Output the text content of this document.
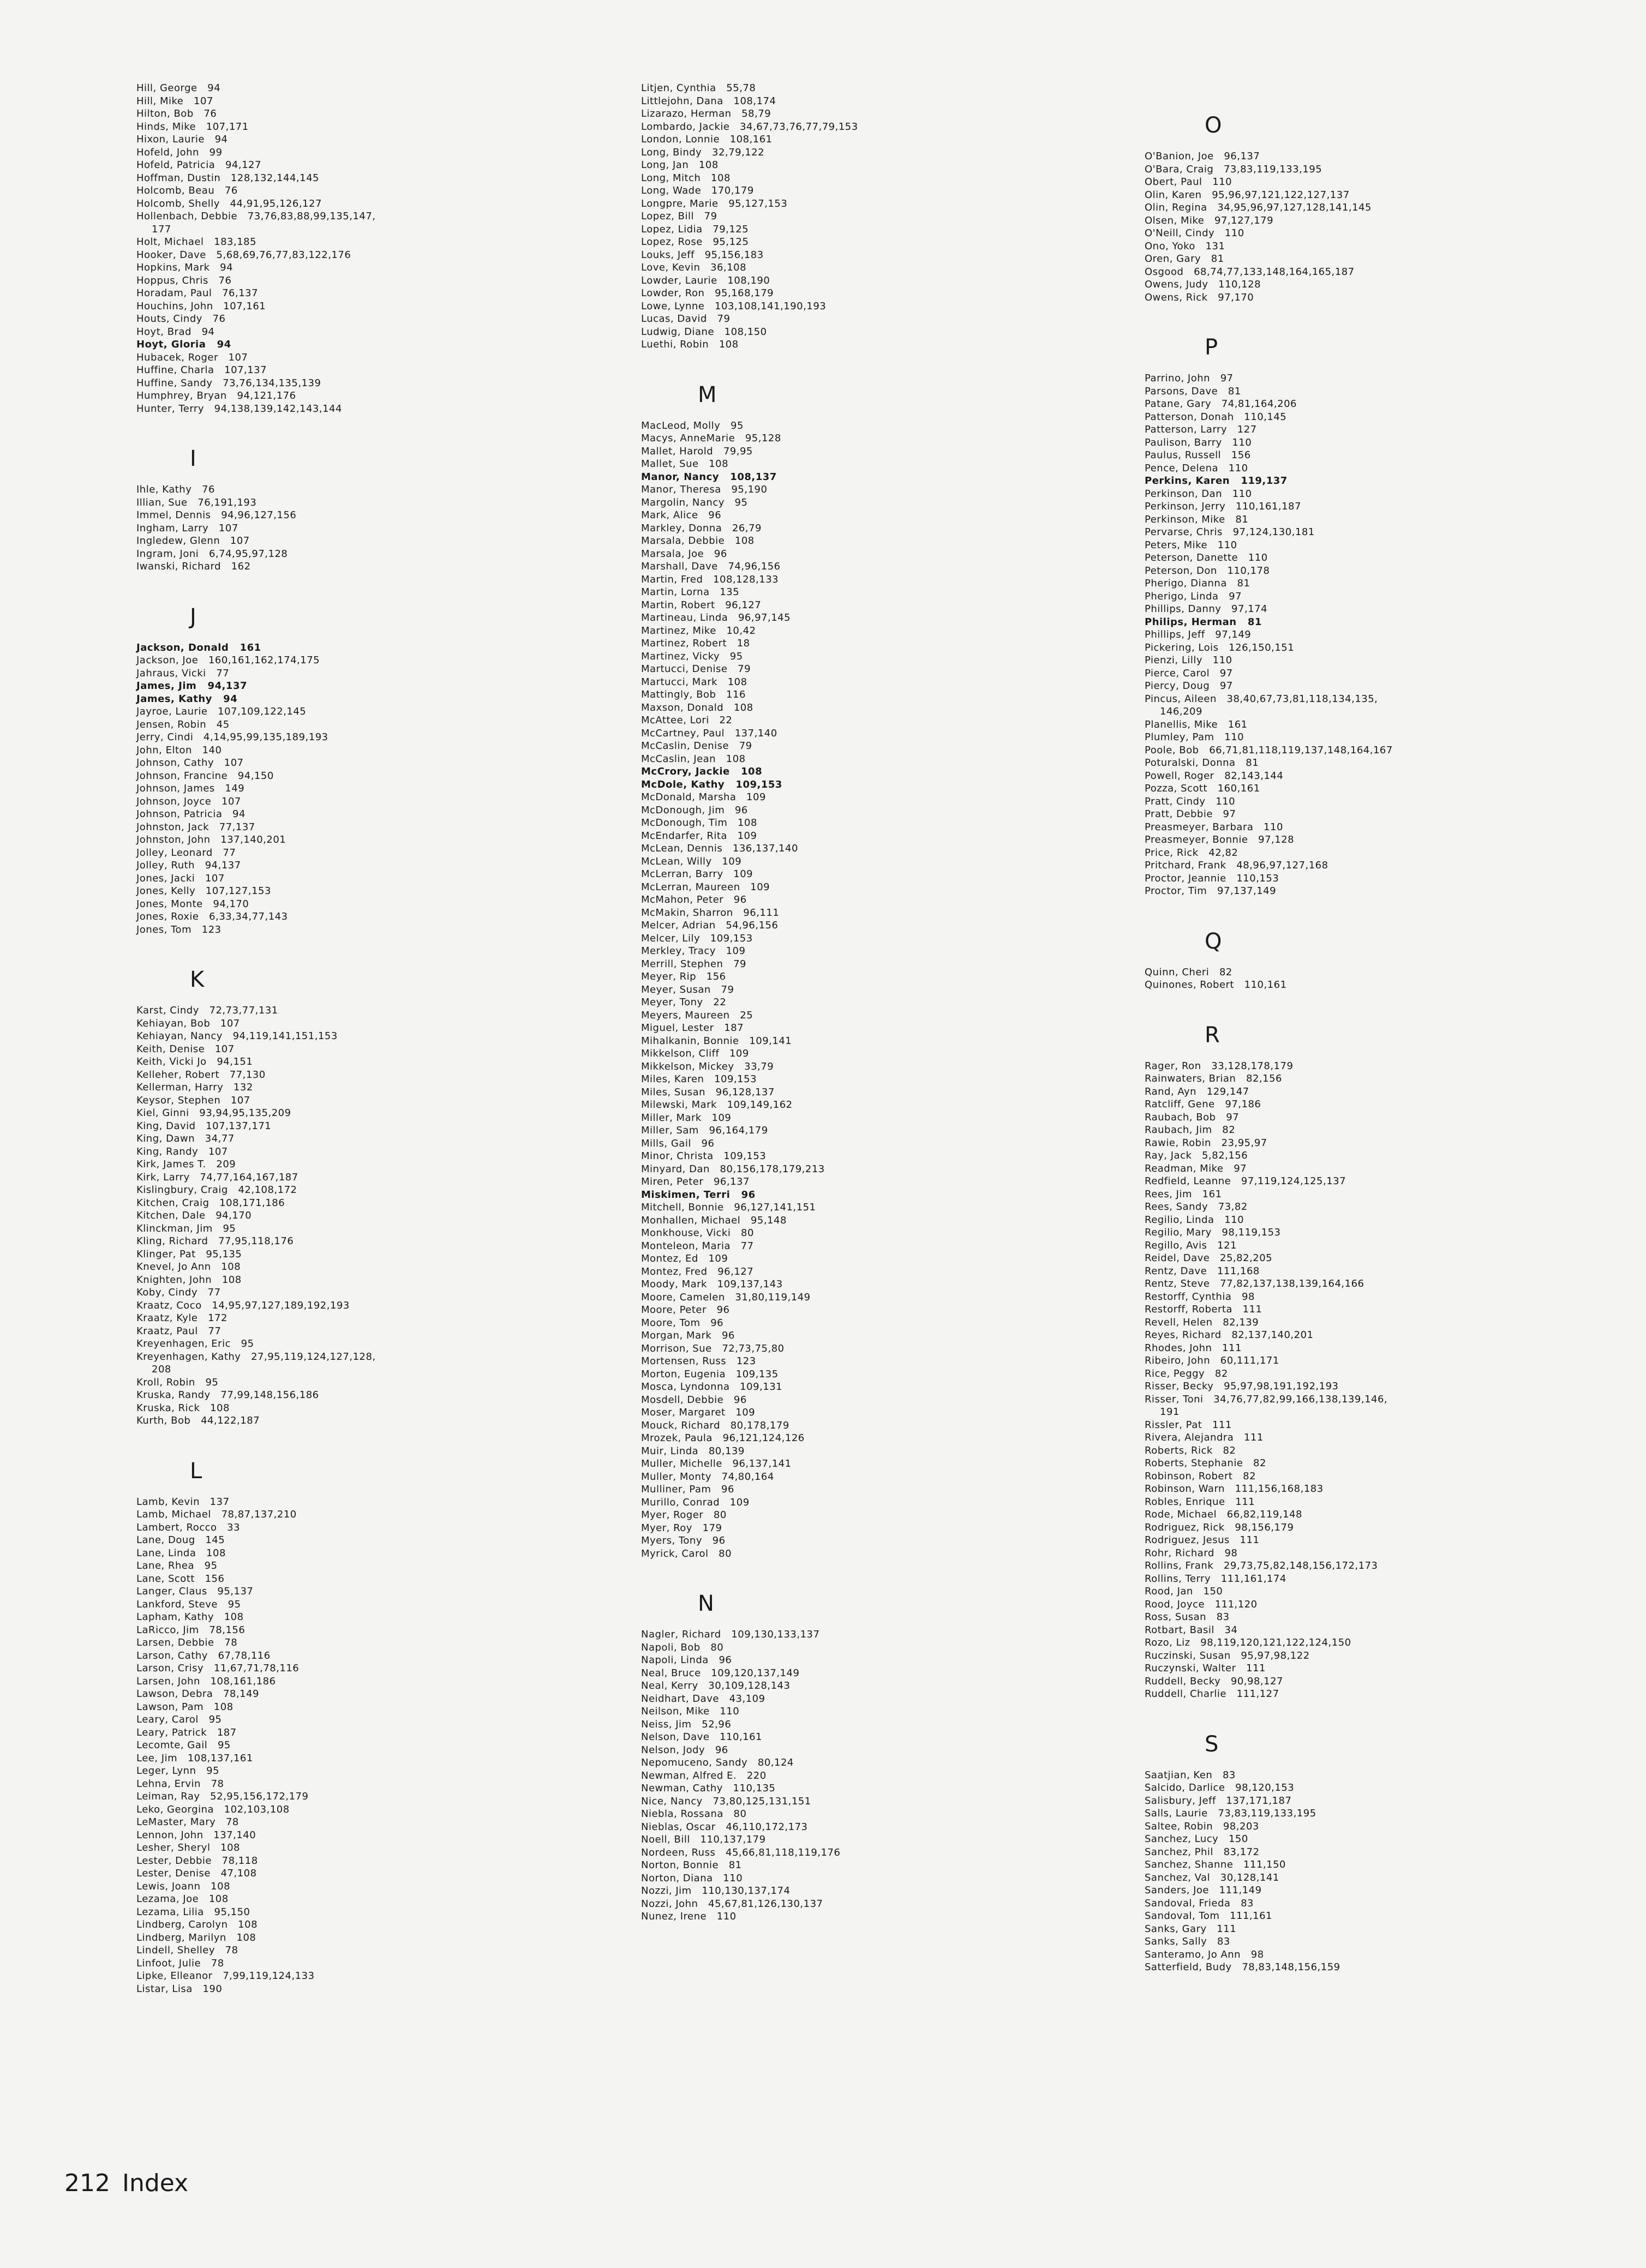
Hill, George   94
Hill, Mike   107
Hilton, Bob   76
Hinds, Mike   107,171
Hixon, Laurie   94
Hofeld, John   99
Hofeld, Patricia   94,127
Hoffman, Dustin   128,132,144,145
Holcomb, Beau   76
Holcomb, Shelly   44,91,95,126,127
Hollenbach, Debbie   73,76,83,88,99,135,147,
177
Holt, Michael   183,185
Hooker, Dave   5,68,69,76,77,83,122,176
Hopkins, Mark   94
Hoppus, Chris   76
Horadam, Paul   76,137
Houchins, John   107,161
Houts, Cindy   76
Hoyt, Brad   94
Hoyt, Gloria   94
Hubacek, Roger   107
Huffine, Charla   107,137
Huffine, Sandy   73,76,134,135,139
Humphrey, Bryan   94,121,176
Hunter, Terry   94,138,139,142,143,144
I
Ihle, Kathy   76
Illian, Sue   76,191,193
Immel, Dennis   94,96,127,156
Ingham, Larry   107
Ingledew, Glenn   107
Ingram, Joni   6,74,95,97,128
Iwanski, Richard   162
J
Jackson, Donald   161
Jackson, Joe   160,161,162,174,175
Jahraus, Vicki   77
James, Jim   94,137
James, Kathy   94
Jayroe, Laurie   107,109,122,145
Jensen, Robin   45
Jerry, Cindi   4,14,95,99,135,189,193
John, Elton   140
Johnson, Cathy   107
Johnson, Francine   94,150
Johnson, James   149
Johnson, Joyce   107
Johnson, Patricia   94
Johnston, Jack   77,137
Johnston, John   137,140,201
Jolley, Leonard   77
Jolley, Ruth   94,137
Jones, Jacki   107
Jones, Kelly   107,127,153
Jones, Monte   94,170
Jones, Roxie   6,33,34,77,143
Jones, Tom   123
K
Karst, Cindy   72,73,77,131
Kehiayan, Bob   107
Kehiayan, Nancy   94,119,141,151,153
Keith, Denise   107
Keith, Vicki Jo   94,151
Kelleher, Robert   77,130
Kellerman, Harry   132
Keysor, Stephen   107
Kiel, Ginni   93,94,95,135,209
King, David   107,137,171
King, Dawn   34,77
King, Randy   107
Kirk, James T.   209
Kirk, Larry   74,77,164,167,187
Kislingbury, Craig   42,108,172
Kitchen, Craig   108,171,186
Kitchen, Dale   94,170
Klinckman, Jim   95
Kling, Richard   77,95,118,176
Klinger, Pat   95,135
Knevel, Jo Ann   108
Knighten, John   108
Koby, Cindy   77
Kraatz, Coco   14,95,97,127,189,192,193
Kraatz, Kyle   172
Kraatz, Paul   77
Kreyenhagen, Eric   95
Kreyenhagen, Kathy   27,95,119,124,127,128,
208
Kroll, Robin   95
Kruska, Randy   77,99,148,156,186
Kruska, Rick   108
Kurth, Bob   44,122,187
L
Lamb, Kevin   137
Lamb, Michael   78,87,137,210
Lambert, Rocco   33
Lane, Doug   145
Lane, Linda   108
Lane, Rhea   95
Lane, Scott   156
Langer, Claus   95,137
Lankford, Steve   95
Lapham, Kathy   108
LaRicco, Jim   78,156
Larsen, Debbie   78
Larson, Cathy   67,78,116
Larson, Crisy   11,67,71,78,116
Larsen, John   108,161,186
Lawson, Debra   78,149
Lawson, Pam   108
Leary, Carol   95
Leary, Patrick   187
Lecomte, Gail   95
Lee, Jim   108,137,161
Leger, Lynn   95
Lehna, Ervin   78
Leiman, Ray   52,95,156,172,179
Leko, Georgina   102,103,108
LeMaster, Mary   78
Lennon, John   137,140
Lesher, Sheryl   108
Lester, Debbie   78,118
Lester, Denise   47,108
Lewis, Joann   108
Lezama, Joe   108
Lezama, Lilia   95,150
Lindberg, Carolyn   108
Lindberg, Marilyn   108
Lindell, Shelley   78
Linfoot, Julie   78
Lipke, Elleanor   7,99,119,124,133
Listar, Lisa   190
Litjen, Cynthia   55,78
Littlejohn, Dana   108,174
Lizarazo, Herman   58,79
Lombardo, Jackie   34,67,73,76,77,79,153
London, Lonnie   108,161
Long, Bindy   32,79,122
Long, Jan   108
Long, Mitch   108
Long, Wade   170,179
Longpre, Marie   95,127,153
Lopez, Bill   79
Lopez, Lidia   79,125
Lopez, Rose   95,125
Louks, Jeff   95,156,183
Love, Kevin   36,108
Lowder, Laurie   108,190
Lowder, Ron   95,168,179
Lowe, Lynne   103,108,141,190,193
Lucas, David   79
Ludwig, Diane   108,150
Luethi, Robin   108
M
MacLeod, Molly   95
Macys, AnneMarie   95,128
Mallet, Harold   79,95
Mallet, Sue   108
Manor, Nancy   108,137
Manor, Theresa   95,190
Margolin, Nancy   95
Mark, Alice   96
Markley, Donna   26,79
Marsala, Debbie   108
Marsala, Joe   96
Marshall, Dave   74,96,156
Martin, Fred   108,128,133
Martin, Lorna   135
Martin, Robert   96,127
Martineau, Linda   96,97,145
Martinez, Mike   10,42
Martinez, Robert   18
Martinez, Vicky   95
Martucci, Denise   79
Martucci, Mark   108
Mattingly, Bob   116
Maxson, Donald   108
McAttee, Lori   22
McCartney, Paul   137,140
McCaslin, Denise   79
McCaslin, Jean   108
McCrory, Jackie   108
McDole, Kathy   109,153
McDonald, Marsha   109
McDonough, Jim   96
McDonough, Tim   108
McEndarfer, Rita   109
McLean, Dennis   136,137,140
McLean, Willy   109
McLerran, Barry   109
McLerran, Maureen   109
McMahon, Peter   96
McMakin, Sharron   96,111
Melcer, Adrian   54,96,156
Melcer, Lily   109,153
Merkley, Tracy   109
Merrill, Stephen   79
Meyer, Rip   156
Meyer, Susan   79
Meyer, Tony   22
Meyers, Maureen   25
Miguel, Lester   187
Mihalkanin, Bonnie   109,141
Mikkelson, Cliff   109
Mikkelson, Mickey   33,79
Miles, Karen   109,153
Miles, Susan   96,128,137
Milewski, Mark   109,149,162
Miller, Mark   109
Miller, Sam   96,164,179
Mills, Gail   96
Minor, Christa   109,153
Minyard, Dan   80,156,178,179,213
Miren, Peter   96,137
Miskimen, Terri   96
Mitchell, Bonnie   96,127,141,151
Monhallen, Michael   95,148
Monkhouse, Vicki   80
Monteleon, Maria   77
Montez, Ed   109
Montez, Fred   96,127
Moody, Mark   109,137,143
Moore, Camelen   31,80,119,149
Moore, Peter   96
Moore, Tom   96
Morgan, Mark   96
Morrison, Sue   72,73,75,80
Mortensen, Russ   123
Morton, Eugenia   109,135
Mosca, Lyndonna   109,131
Mosdell, Debbie   96
Moser, Margaret   109
Mouck, Richard   80,178,179
Mrozek, Paula   96,121,124,126
Muir, Linda   80,139
Muller, Michelle   96,137,141
Muller, Monty   74,80,164
Mulliner, Pam   96
Murillo, Conrad   109
Myer, Roger   80
Myer, Roy   179
Myers, Tony   96
Myrick, Carol   80
N
Nagler, Richard   109,130,133,137
Napoli, Bob   80
Napoli, Linda   96
Neal, Bruce   109,120,137,149
Neal, Kerry   30,109,128,143
Neidhart, Dave   43,109
Neilson, Mike   110
Neiss, Jim   52,96
Nelson, Dave   110,161
Nelson, Jody   96
Nepomuceno, Sandy   80,124
Newman, Alfred E.   220
Newman, Cathy   110,135
Nice, Nancy   73,80,125,131,151
Niebla, Rossana   80
Nieblas, Oscar   46,110,172,173
Noell, Bill   110,137,179
Nordeen, Russ   45,66,81,118,119,176
Norton, Bonnie   81
Norton, Diana   110
Nozzi, Jim   110,130,137,174
Nozzi, John   45,67,81,126,130,137
Nunez, Irene   110
O
O'Banion, Joe   96,137
O'Bara, Craig   73,83,119,133,195
Obert, Paul   110
Olin, Karen   95,96,97,121,122,127,137
Olin, Regina   34,95,96,97,127,128,141,145
Olsen, Mike   97,127,179
O'Neill, Cindy   110
Ono, Yoko   131
Oren, Gary   81
Osgood   68,74,77,133,148,164,165,187
Owens, Judy   110,128
Owens, Rick   97,170
P
Parrino, John   97
Parsons, Dave   81
Patane, Gary   74,81,164,206
Patterson, Donah   110,145
Patterson, Larry   127
Paulison, Barry   110
Paulus, Russell   156
Pence, Delena   110
Perkins, Karen   119,137
Perkinson, Dan   110
Perkinson, Jerry   110,161,187
Perkinson, Mike   81
Pervarse, Chris   97,124,130,181
Peters, Mike   110
Peterson, Danette   110
Peterson, Don   110,178
Pherigo, Dianna   81
Pherigo, Linda   97
Phillips, Danny   97,174
Philips, Herman   81
Phillips, Jeff   97,149
Pickering, Lois   126,150,151
Pienzi, Lilly   110
Pierce, Carol   97
Piercy, Doug   97
Pincus, Aileen   38,40,67,73,81,118,134,135,
146,209
Planellis, Mike   161
Plumley, Pam   110
Poole, Bob   66,71,81,118,119,137,148,164,167
Poturalski, Donna   81
Powell, Roger   82,143,144
Pozza, Scott   160,161
Pratt, Cindy   110
Pratt, Debbie   97
Preasmeyer, Barbara   110
Preasmeyer, Bonnie   97,128
Price, Rick   42,82
Pritchard, Frank   48,96,97,127,168
Proctor, Jeannie   110,153
Proctor, Tim   97,137,149
Q
Quinn, Cheri   82
Quinones, Robert   110,161
R
Rager, Ron   33,128,178,179
Rainwaters, Brian   82,156
Rand, Ayn   129,147
Ratcliff, Gene   97,186
Raubach, Bob   97
Raubach, Jim   82
Rawie, Robin   23,95,97
Ray, Jack   5,82,156
Readman, Mike   97
Redfield, Leanne   97,119,124,125,137
Rees, Jim   161
Rees, Sandy   73,82
Regilio, Linda   110
Regilio, Mary   98,119,153
Regillo, Avis   121
Reidel, Dave   25,82,205
Rentz, Dave   111,168
Rentz, Steve   77,82,137,138,139,164,166
Restorff, Cynthia   98
Restorff, Roberta   111
Revell, Helen   82,139
Reyes, Richard   82,137,140,201
Rhodes, John   111
Ribeiro, John   60,111,171
Rice, Peggy   82
Risser, Becky   95,97,98,191,192,193
Risser, Toni   34,76,77,82,99,166,138,139,146,
191
Rissler, Pat   111
Rivera, Alejandra   111
Roberts, Rick   82
Roberts, Stephanie   82
Robinson, Robert   82
Robinson, Warn   111,156,168,183
Robles, Enrique   111
Rode, Michael   66,82,119,148
Rodriguez, Rick   98,156,179
Rodriguez, Jesus   111
Rohr, Richard   98
Rollins, Frank   29,73,75,82,148,156,172,173
Rollins, Terry   111,161,174
Rood, Jan   150
Rood, Joyce   111,120
Ross, Susan   83
Rotbart, Basil   34
Rozo, Liz   98,119,120,121,122,124,150
Ruczinski, Susan   95,97,98,122
Ruczynski, Walter   111
Ruddell, Becky   90,98,127
Ruddell, Charlie   111,127
S
Saatjian, Ken   83
Salcido, Darlice   98,120,153
Salisbury, Jeff   137,171,187
Salls, Laurie   73,83,119,133,195
Saltee, Robin   98,203
Sanchez, Lucy   150
Sanchez, Phil   83,172
Sanchez, Shanne   111,150
Sanchez, Val   30,128,141
Sanders, Joe   111,149
Sandoval, Frieda   83
Sandoval, Tom   111,161
Sanks, Gary   111
Sanks, Sally   83
Santeramo, Jo Ann   98
Satterfield, Budy   78,83,148,156,159
212 Index
